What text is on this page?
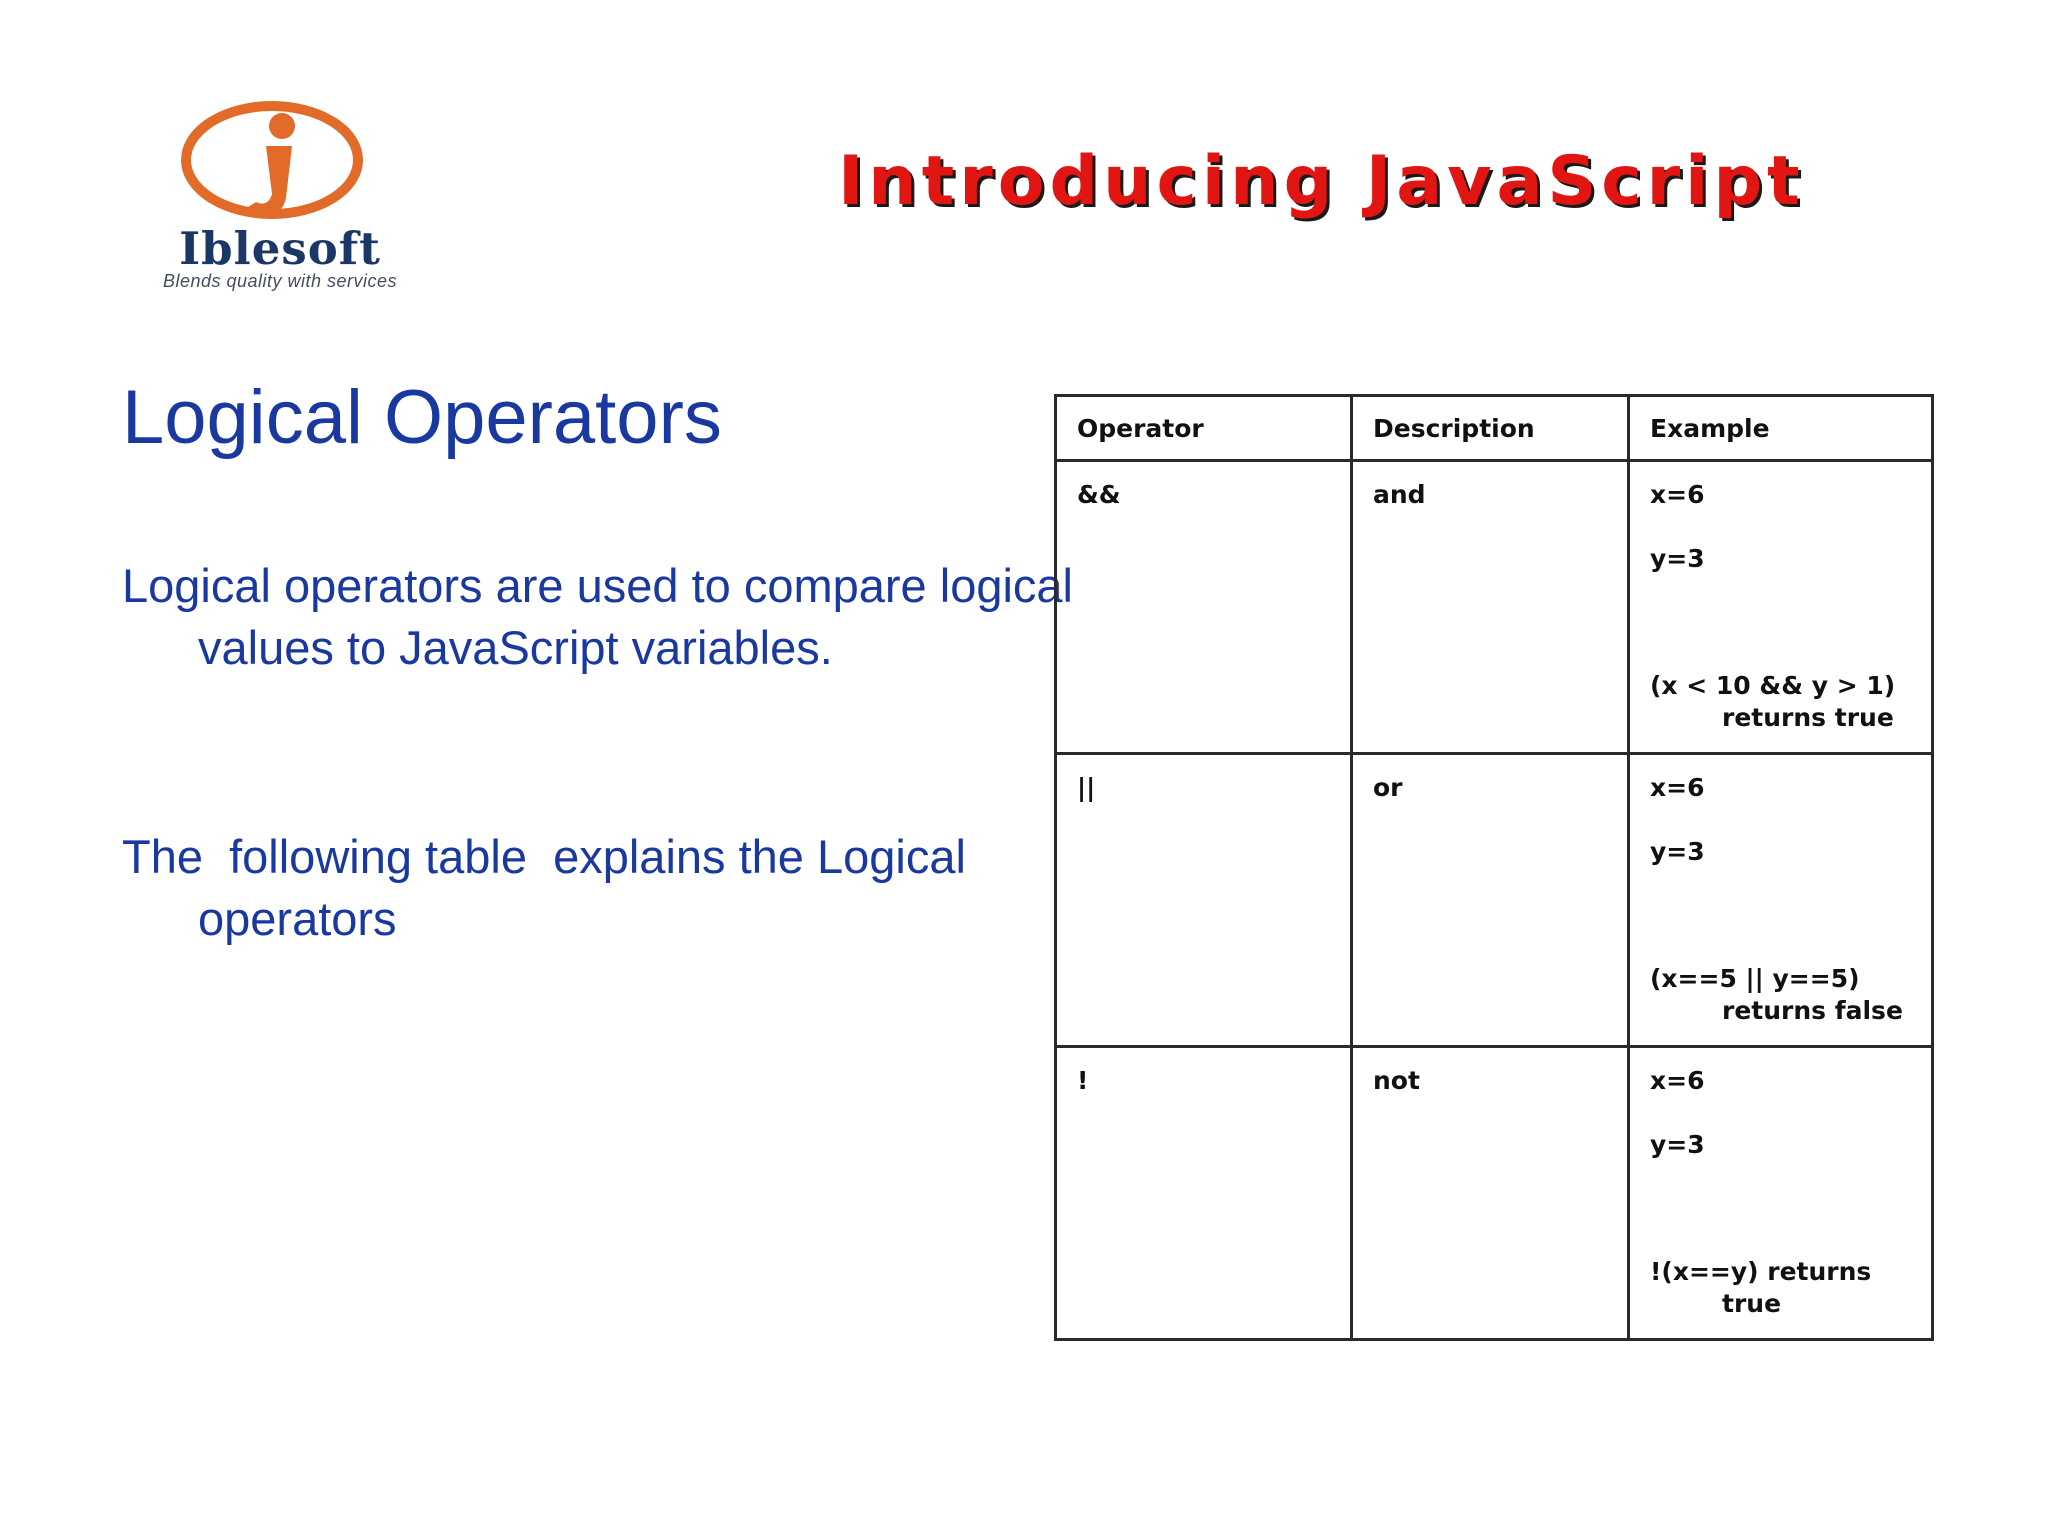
Iblesoft
Blends quality with services
Introducing JavaScript
Logical Operators
Logical operators are used to compare logical values to JavaScript variables.
The  following table  explains the Logical operators
Operator	Description	Example
&&	and	x=6
y=3
(x < 10 && y > 1)
returns true

||	or	x=6
y=3
(x==5 || y==5)
returns false

!	not	x=6
y=3
!(x==y) returns
true
